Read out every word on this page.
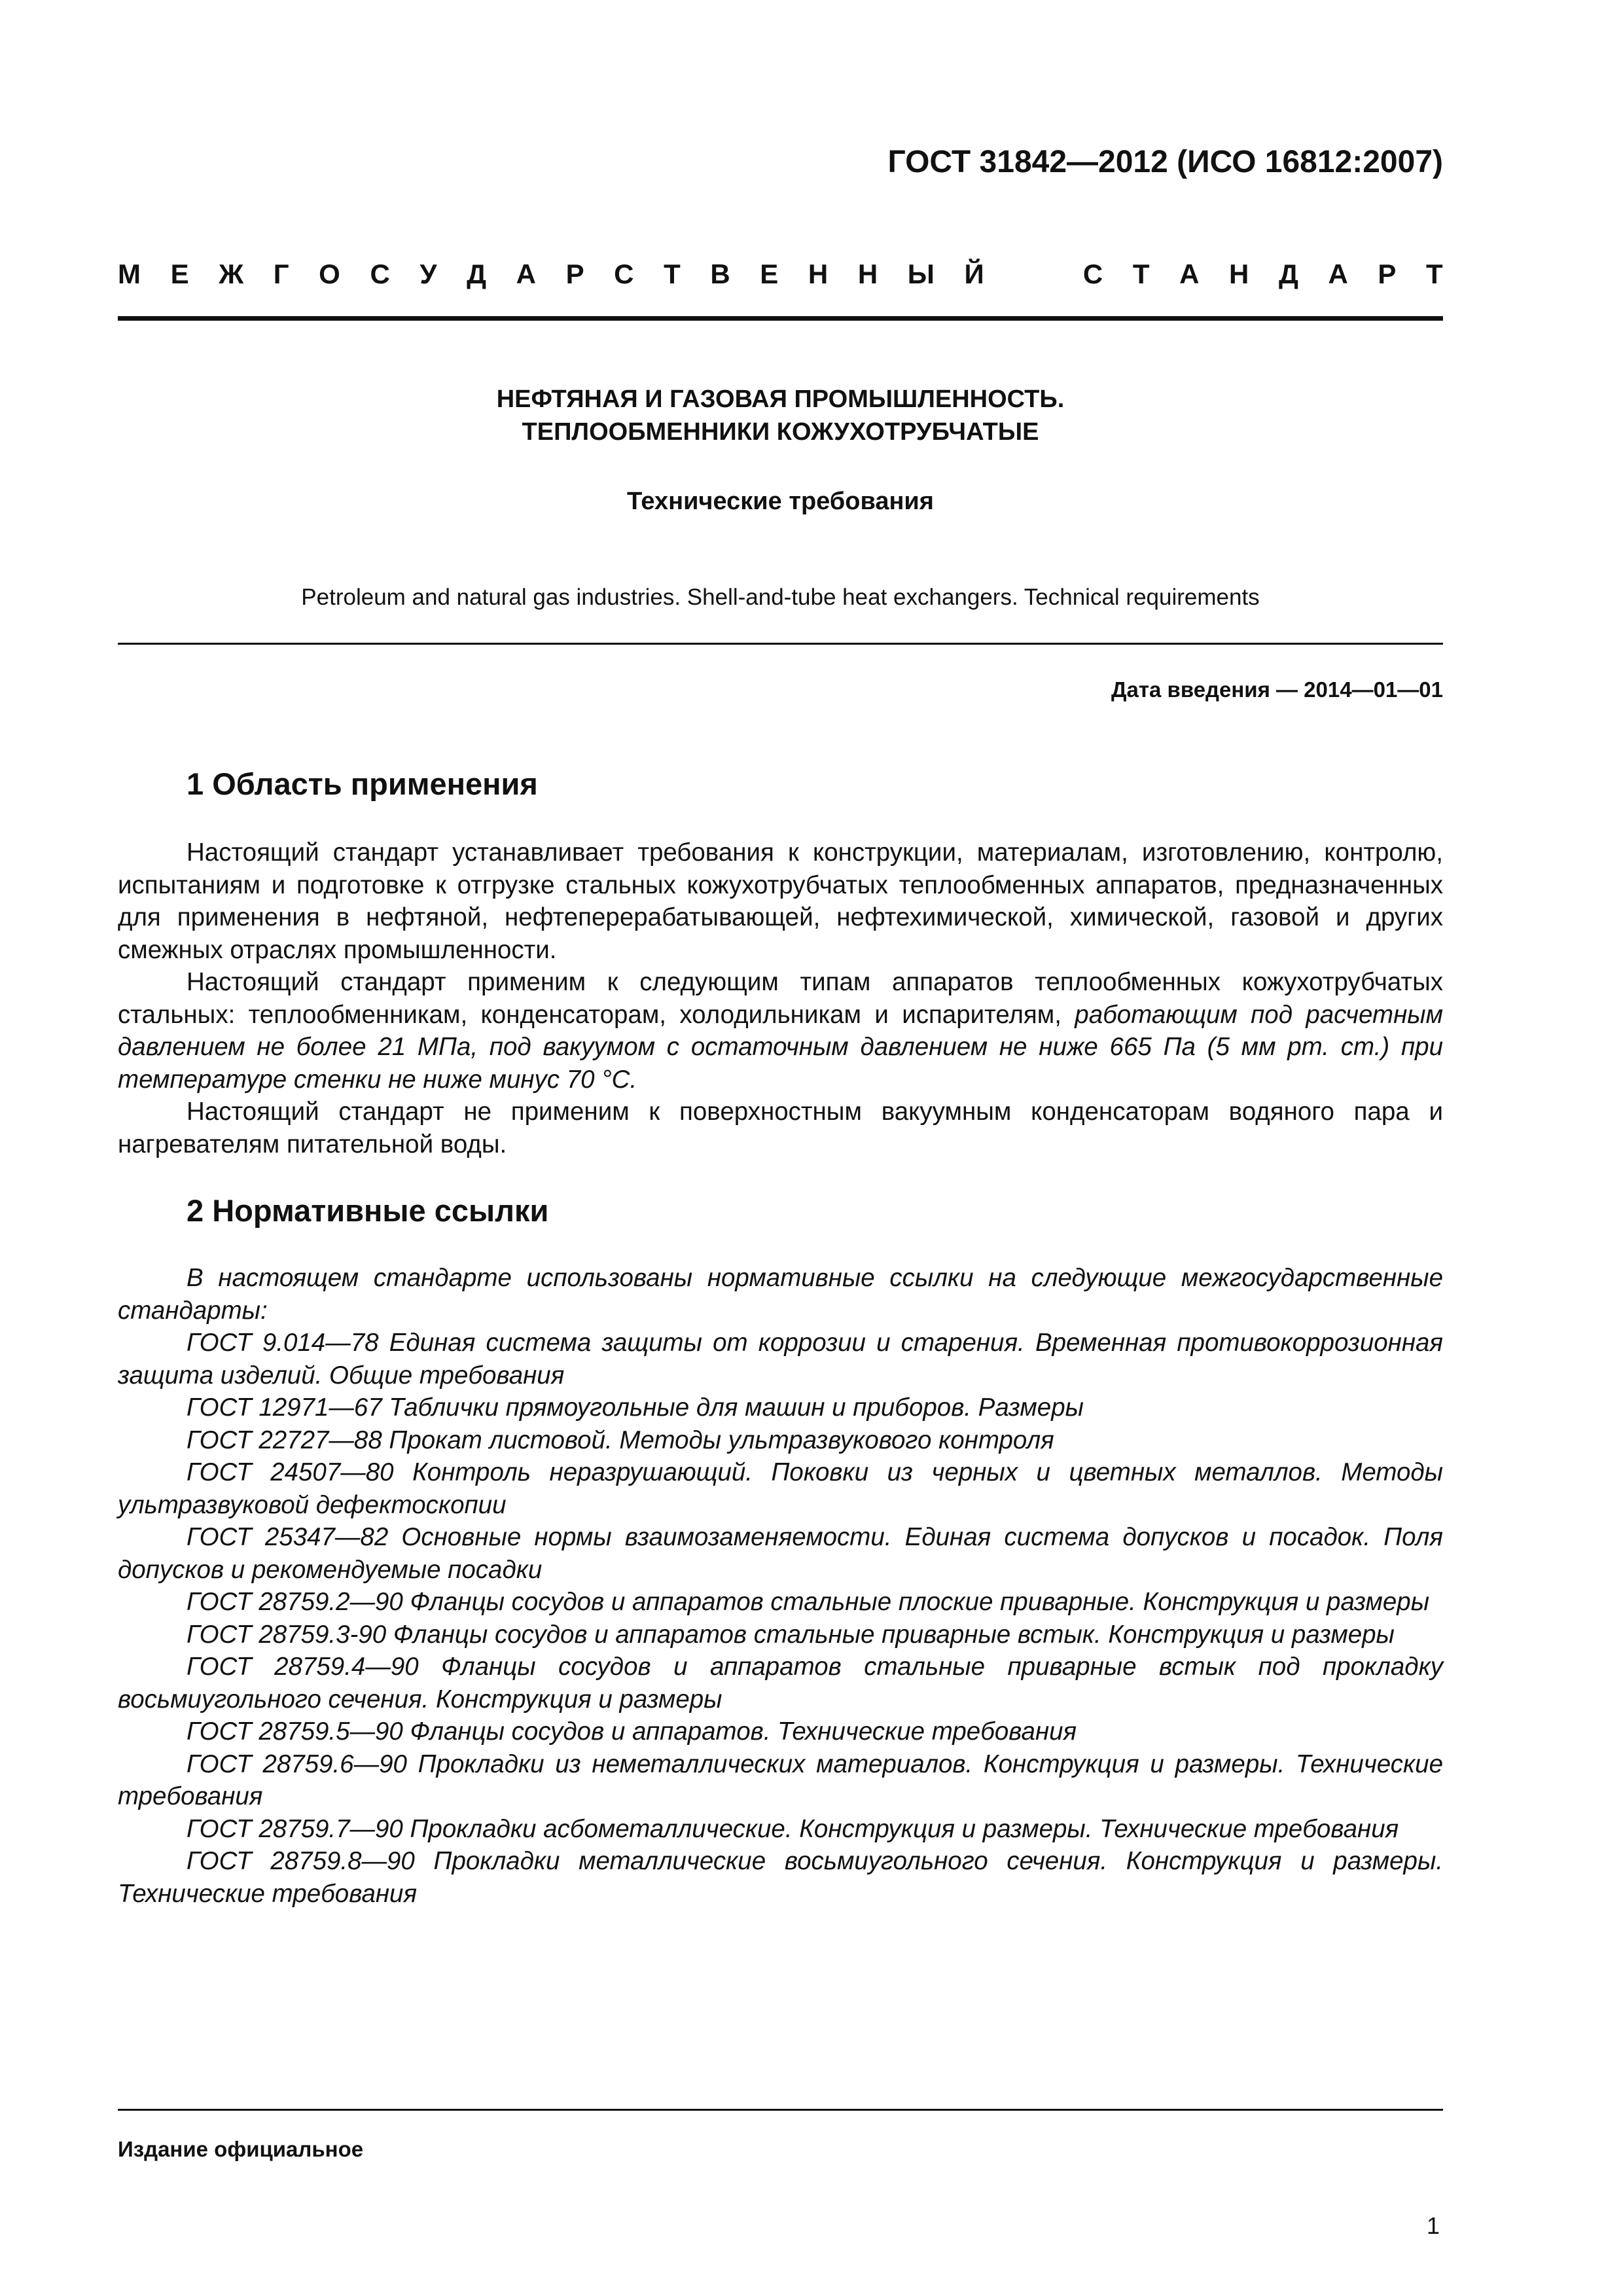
ГОСТ 31842—2012 (ИСО 16812:2007)
М Е Ж Г О С У Д А Р С Т В Е Н Н Ы Й	С Т А Н Д А Р Т
НЕФТЯНАЯ И ГАЗОВАЯ ПРОМЫШЛЕННОСТЬ.
ТЕПЛООБМЕННИКИ КОЖУХОТРУБЧАТЫЕ
Технические требования
Petroleum and natural gas industries. Shell-and-tube heat exchangers. Technical requirements
Дата введения — 2014—01—01
1 Область применения

Настоящий стандарт устанавливает требования к конструкции, материалам, изготовлению, контролю, испытаниям и подготовке к отгрузке стальных кожухотрубчатых теплообменных аппаратов, предназначенных для применения в нефтяной, нефтеперерабатывающей, нефтехимической, химической, газовой и других смежных отраслях промышленности.

Настоящий стандарт применим к следующим типам аппаратов теплообменных кожухотрубчатых стальных: теплообменникам, конденсаторам, холодильникам и испарителям, работающим под расчетным давлением не более 21 МПа, под вакуумом с остаточным давлением не ниже 665 Па (5 мм рт. ст.) при температуре стенки не ниже минус 70 °С.

Настоящий стандарт не применим к поверхностным вакуумным конденсаторам водяного пара и нагревателям питательной воды.

2 Нормативные ссылки

В настоящем стандарте использованы нормативные ссылки на следующие межгосударственные стандарты:

ГОСТ 9.014—78 Единая система защиты от коррозии и старения. Временная противокоррозионная защита изделий. Общие требования

ГОСТ 12971—67 Таблички прямоугольные для машин и приборов. Размеры

ГОСТ 22727—88 Прокат листовой. Методы ультразвукового контроля

ГОСТ 24507—80 Контроль неразрушающий. Поковки из черных и цветных металлов. Методы ультразвуковой дефектоскопии

ГОСТ 25347—82 Основные нормы взаимозаменяемости. Единая система допусков и посадок. Поля допусков и рекомендуемые посадки

ГОСТ 28759.2—90 Фланцы сосудов и аппаратов стальные плоские приварные. Конструкция и размеры

ГОСТ 28759.3-90 Фланцы сосудов и аппаратов стальные приварные встык. Конструкция и размеры

ГОСТ 28759.4—90 Фланцы сосудов и аппаратов стальные приварные встык под прокладку восьмиугольного сечения. Конструкция и размеры

ГОСТ 28759.5—90 Фланцы сосудов и аппаратов. Технические требования

ГОСТ 28759.6—90 Прокладки из неметаллических материалов. Конструкция и размеры. Технические требования

ГОСТ 28759.7—90 Прокладки асбометаллические. Конструкция и размеры. Технические требования

ГОСТ 28759.8—90 Прокладки металлические восьмиугольного сечения. Конструкция и размеры. Технические требования

Издание официальное
1
